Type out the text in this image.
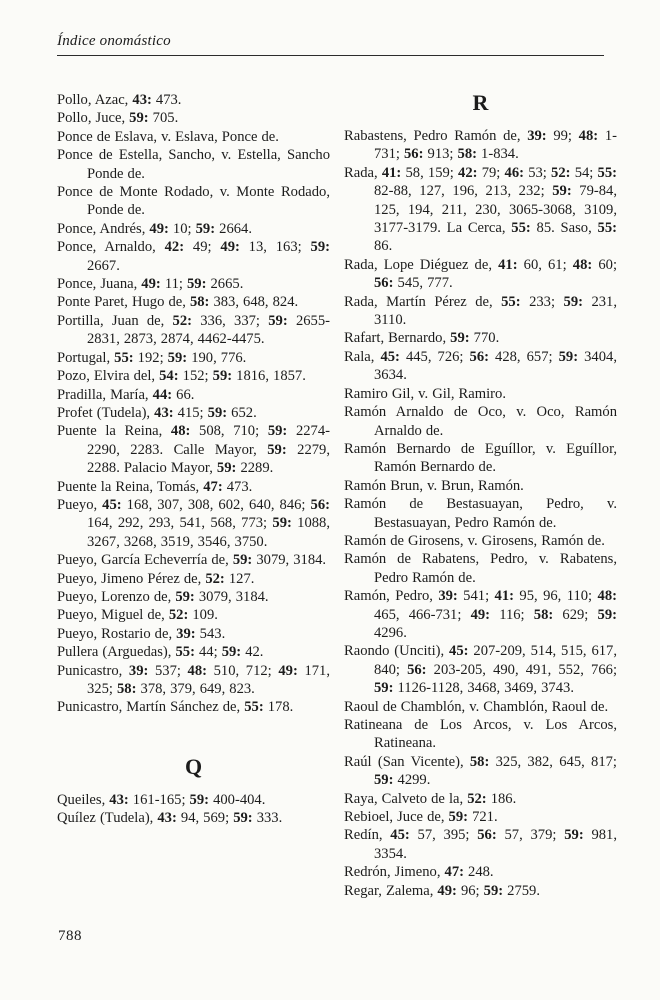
Índice onomástico

Pollo, Azac, 43: 473.

Pollo, Juce, 59: 705.

Ponce de Eslava, v. Eslava, Ponce de.

Ponce de Estella, Sancho, v. Estella, Sancho Ponde de.

Ponce de Monte Rodado, v. Monte Rodado, Ponde de.

Ponce, Andrés, 49: 10; 59: 2664.

Ponce, Arnaldo, 42: 49; 49: 13, 163; 59: 2667.

Ponce, Juana, 49: 11; 59: 2665.

Ponte Paret, Hugo de, 58: 383, 648, 824.

Portilla, Juan de, 52: 336, 337; 59: 2655-2831, 2873, 2874, 4462-4475.

Portugal, 55: 192; 59: 190, 776.

Pozo, Elvira del, 54: 152; 59: 1816, 1857.

Pradilla, María, 44: 66.

Profet (Tudela), 43: 415; 59: 652.

Puente la Reina, 48: 508, 710; 59: 2274-2290, 2283. Calle Mayor, 59: 2279, 2288. Palacio Mayor, 59: 2289.

Puente la Reina, Tomás, 47: 473.

Pueyo, 45: 168, 307, 308, 602, 640, 846; 56: 164, 292, 293, 541, 568, 773; 59: 1088, 3267, 3268, 3519, 3546, 3750.

Pueyo, García Echeverría de, 59: 3079, 3184.

Pueyo, Jimeno Pérez de, 52: 127.

Pueyo, Lorenzo de, 59: 3079, 3184.

Pueyo, Miguel de, 52: 109.

Pueyo, Rostario de, 39: 543.

Pullera (Arguedas), 55: 44; 59: 42.

Punicastro, 39: 537; 48: 510, 712; 49: 171, 325; 58: 378, 379, 649, 823.

Punicastro, Martín Sánchez de, 55: 178.

Q

Queiles, 43: 161-165; 59: 400-404.

Quílez (Tudela), 43: 94, 569; 59: 333.

R

Rabastens, Pedro Ramón de, 39: 99; 48: 1-731; 56: 913; 58: 1-834.

Rada, 41: 58, 159; 42: 79; 46: 53; 52: 54; 55: 82-88, 127, 196, 213, 232; 59: 79-84, 125, 194, 211, 230, 3065-3068, 3109, 3177-3179. La Cerca, 55: 85. Saso, 55: 86.

Rada, Lope Diéguez de, 41: 60, 61; 48: 60; 56: 545, 777.

Rada, Martín Pérez de, 55: 233; 59: 231, 3110.

Rafart, Bernardo, 59: 770.

Rala, 45: 445, 726; 56: 428, 657; 59: 3404, 3634.

Ramiro Gil, v. Gil, Ramiro.

Ramón Arnaldo de Oco, v. Oco, Ramón Arnaldo de.

Ramón Bernardo de Eguíllor, v. Eguíllor, Ramón Bernardo de.

Ramón Brun, v. Brun, Ramón.

Ramón de Bestasuayan, Pedro, v. Bestasuayan, Pedro Ramón de.

Ramón de Girosens, v. Girosens, Ramón de.

Ramón de Rabatens, Pedro, v. Rabatens, Pedro Ramón de.

Ramón, Pedro, 39: 541; 41: 95, 96, 110; 48: 465, 466-731; 49: 116; 58: 629; 59: 4296.

Raondo (Unciti), 45: 207-209, 514, 515, 617, 840; 56: 203-205, 490, 491, 552, 766; 59: 1126-1128, 3468, 3469, 3743.

Raoul de Chamblón, v. Chamblón, Raoul de.

Ratineana de Los Arcos, v. Los Arcos, Ratineana.

Raúl (San Vicente), 58: 325, 382, 645, 817; 59: 4299.

Raya, Calveto de la, 52: 186.

Rebioel, Juce de, 59: 721.

Redín, 45: 57, 395; 56: 57, 379; 59: 981, 3354.

Redrón, Jimeno, 47: 248.

Regar, Zalema, 49: 96; 59: 2759.

788
